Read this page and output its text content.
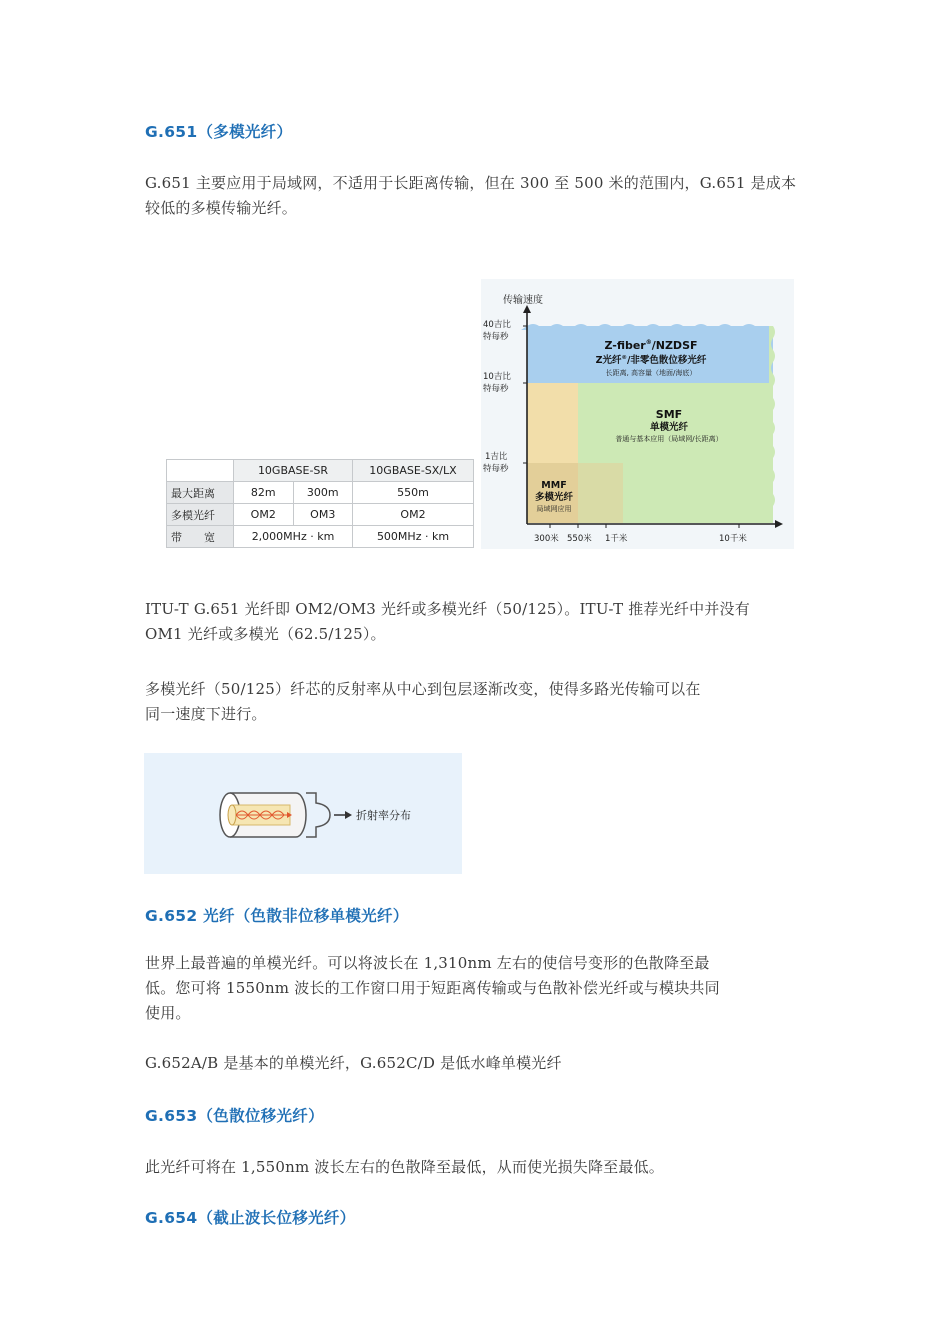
G.651（多模光纤）

G.651 主要应用于局域网，不适用于长距离传输，但在 300 至 500 米的范围内，G.651 是成本较低的多模传输光纤。

	10GBASE-SR		10GBASE-SX/LX
最大距离	82m	300m	550m
多模光纤	OM2	OM3	OM2
带　　宽	2,000MHz · km		500MHz · km
传输速度
40吉比
特每秒
10吉比
特每秒
1吉比
特每秒
300米 550米 1千米	10千米
Z-fiber®/NZDSF
Z光纤®/非零色散位移光纤
长距离, 高容量（地面/海底）
SMF
单模光纤
普通与基本应用（局域网/长距离）
MMF
多模光纤
局域网应用

ITU-T G.651 光纤即 OM2/OM3 光纤或多模光纤（50/125）。ITU-T 推荐光纤中并没有

OM1 光纤或多模光（62.5/125）。

多模光纤（50/125）纤芯的反射率从中心到包层逐渐改变，使得多路光传输可以在

同一速度下进行。

折射率分布
G.652 光纤（色散非位移单模光纤）

世界上最普遍的单模光纤。可以将波长在 1,310nm 左右的使信号变形的色散降至最

低。您可将 1550nm 波长的工作窗口用于短距离传输或与色散补偿光纤或与模块共同

使用。

G.652A/B 是基本的单模光纤，G.652C/D 是低水峰单模光纤

G.653（色散位移光纤）

此光纤可将在 1,550nm 波长左右的色散降至最低，从而使光损失降至最低。

G.654（截止波长位移光纤）
